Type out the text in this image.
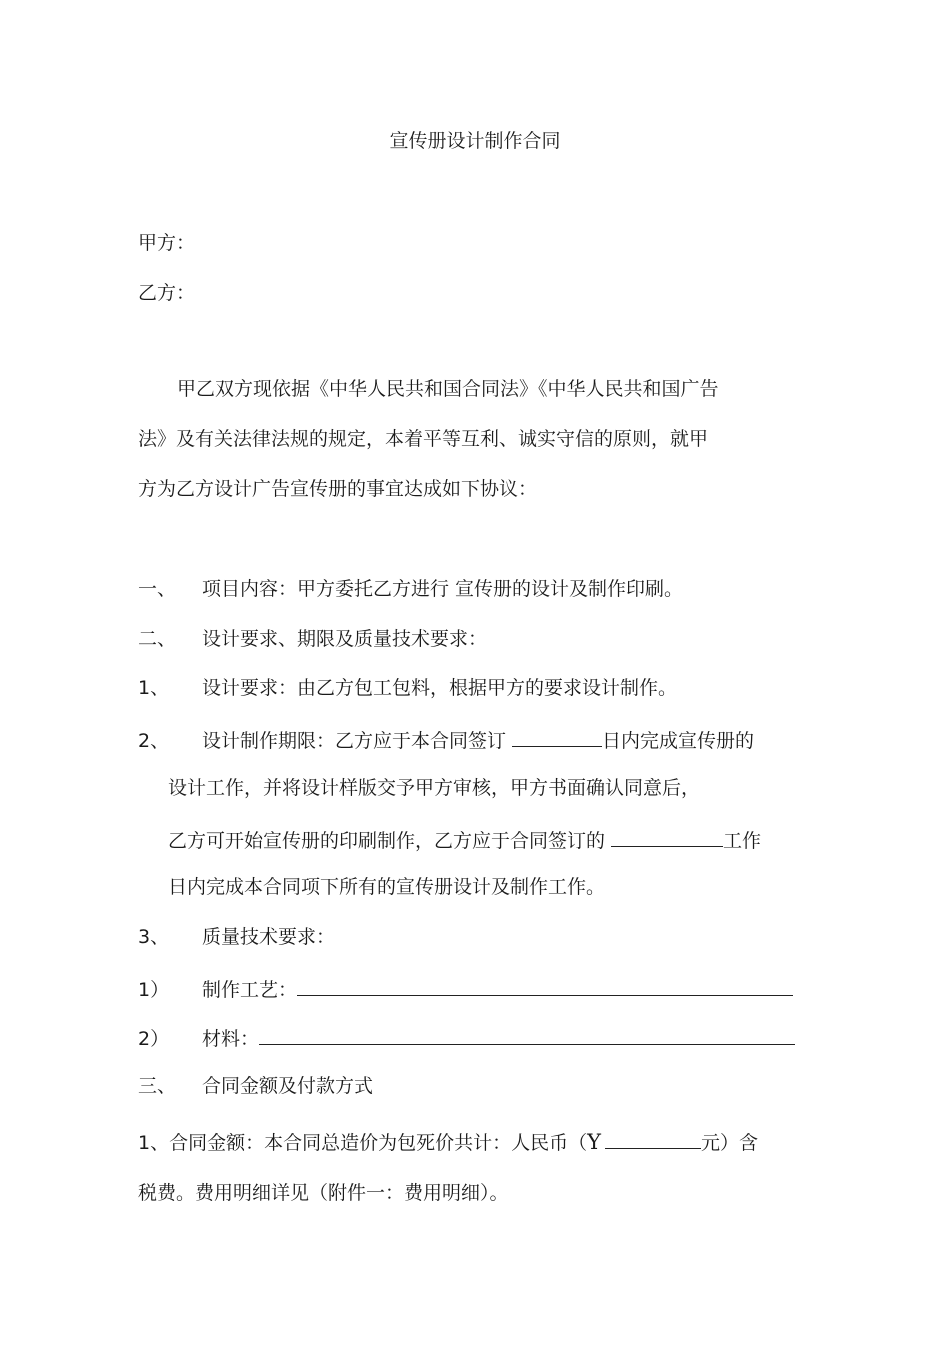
宣传册设计制作合同
甲方：
乙方：
甲乙双方现依据《中华人民共和国合同法》《中华人民共和国广告
法》及有关法律法规的规定，本着平等互利、诚实守信的原则，就甲
方为乙方设计广告宣传册的事宜达成如下协议：
一、 项目内容：甲方委托乙方进行 宣传册的设计及制作印刷。
二、 设计要求、期限及质量技术要求：
1、 设计要求：由乙方包工包料，根据甲方的要求设计制作。
2、 设计制作期限：乙方应于本合同签订	日内完成宣传册的
设计工作，并将设计样版交予甲方审核，甲方书面确认同意后，
乙方可开始宣传册的印刷制作，乙方应于合同签订的	工作
日内完成本合同项下所有的宣传册设计及制作工作。
3、 质量技术要求：
1） 制作工艺：
2） 材料：
三、 合同金额及付款方式
1、合同金额：本合同总造价为包死价共计：人民币（Y	元）含
税费。费用明细详见（附件一：费用明细）。
